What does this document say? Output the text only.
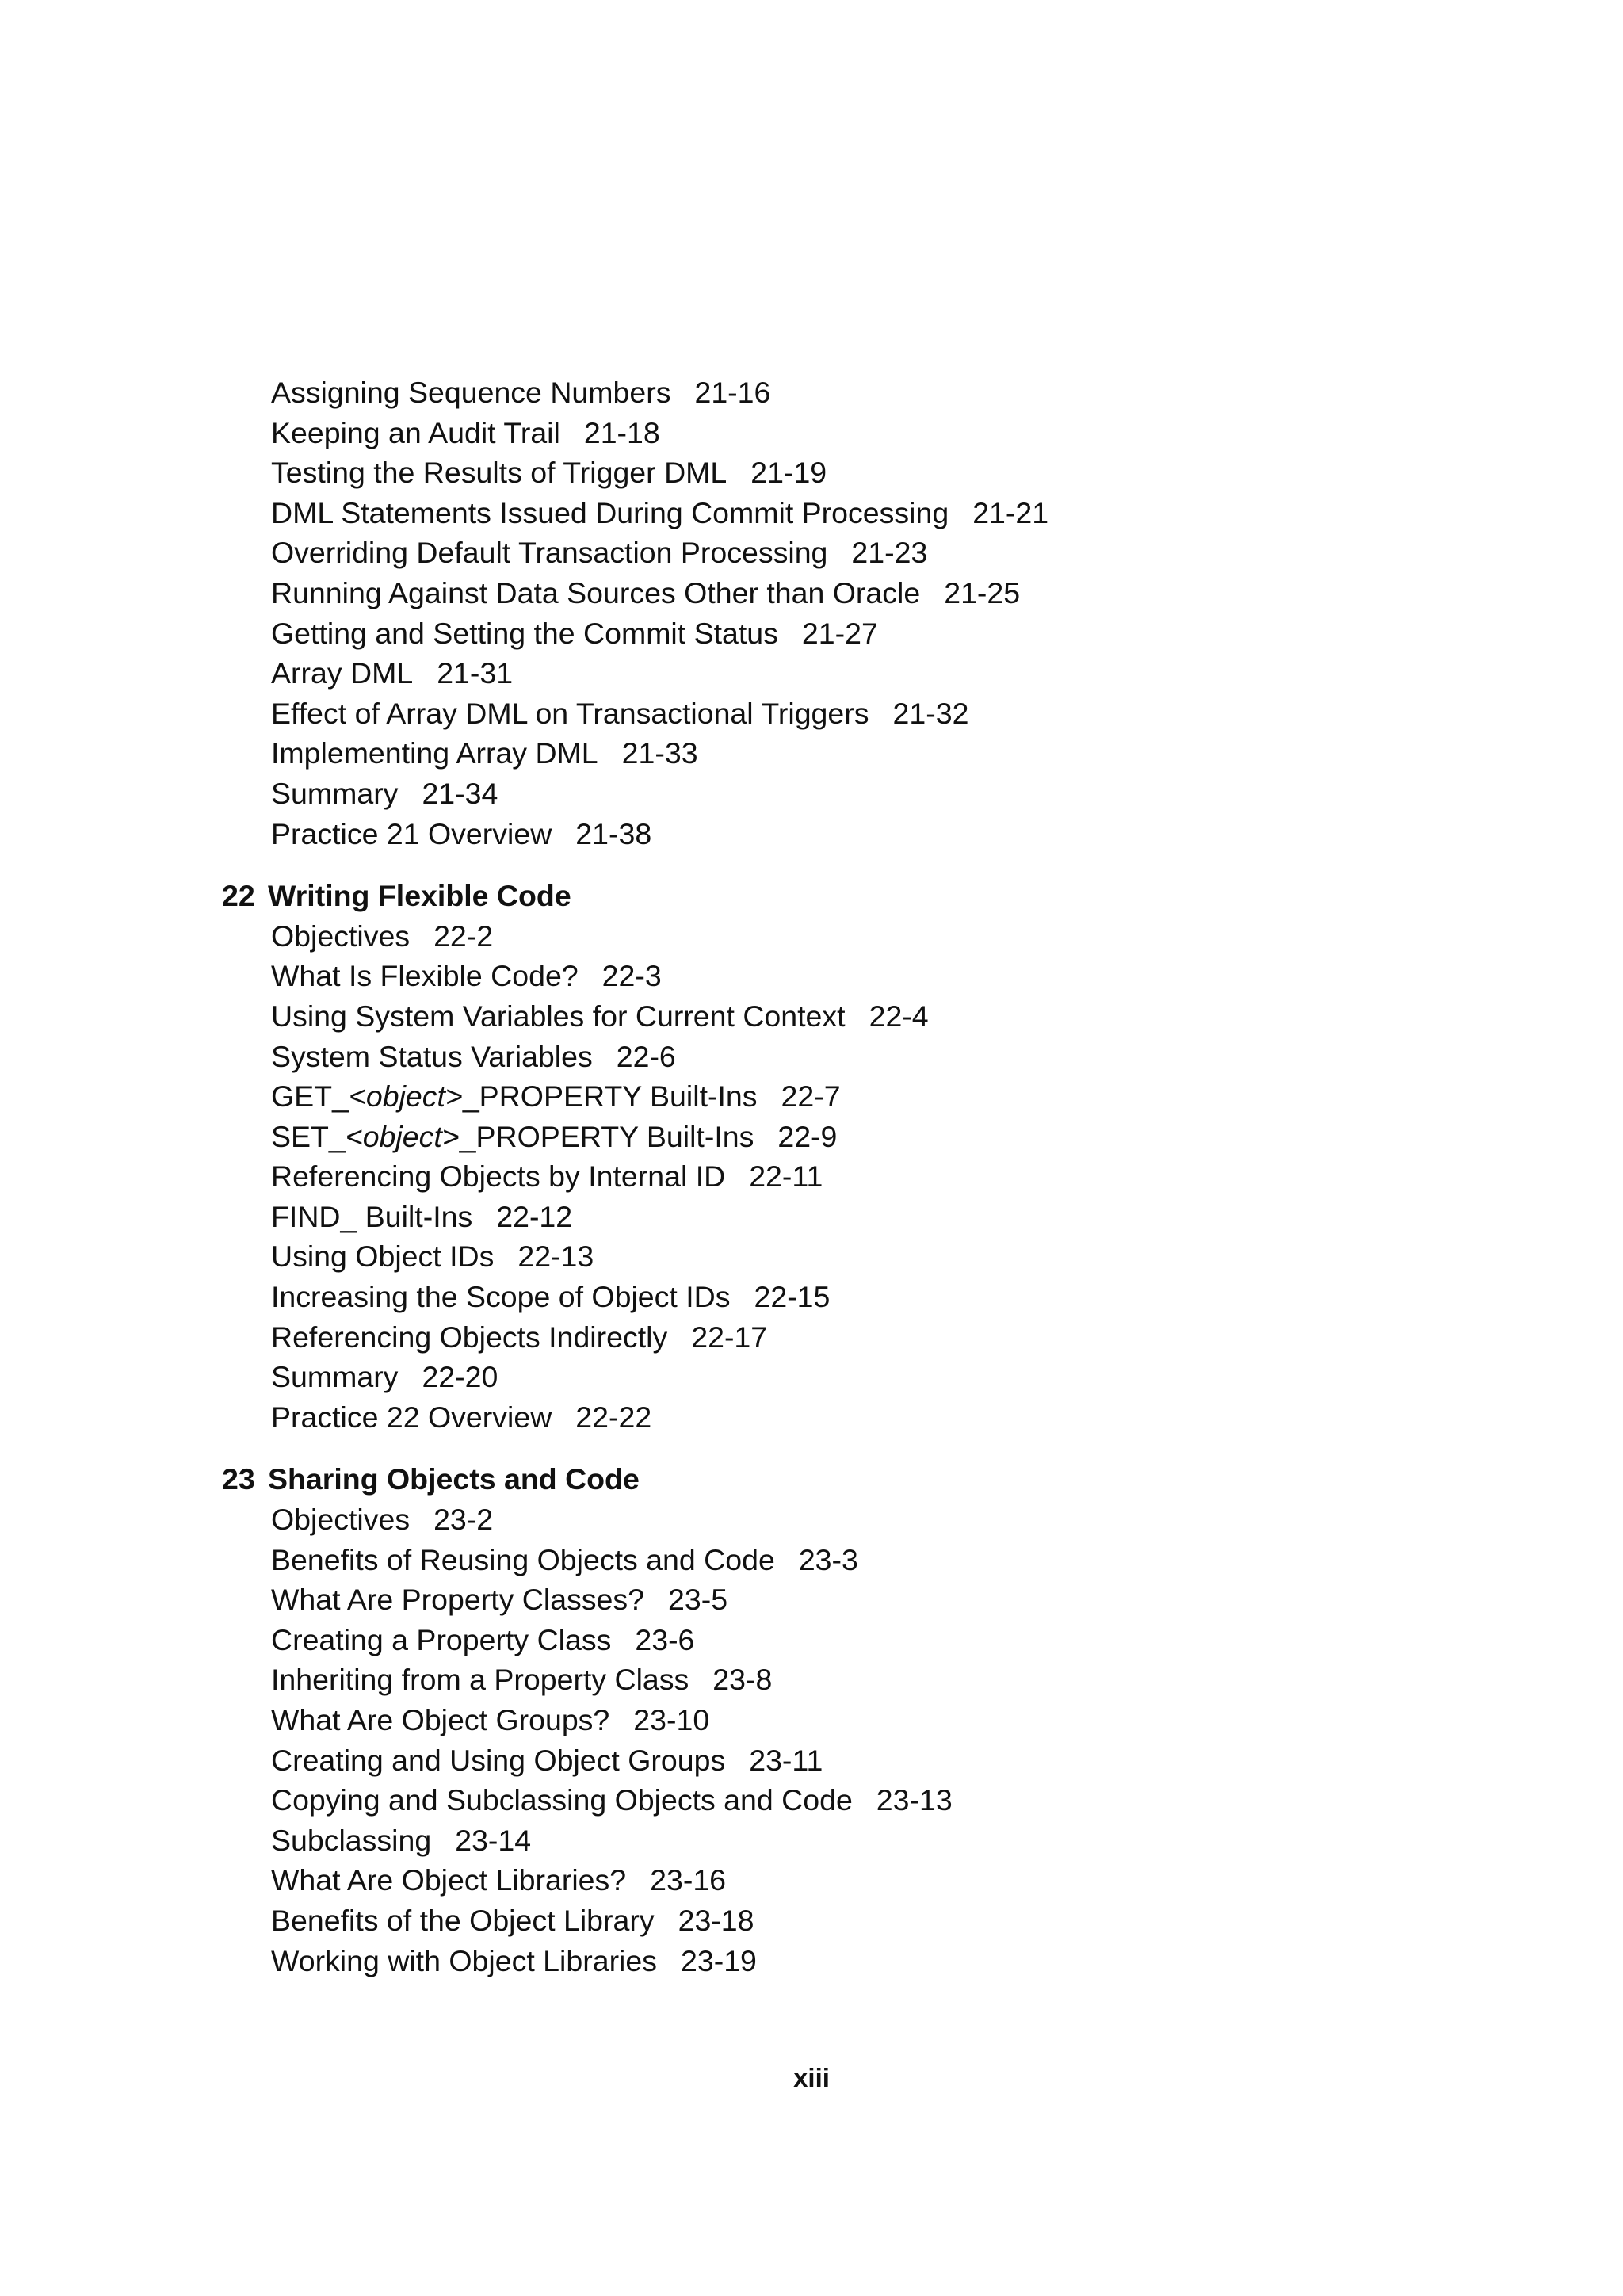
Assigning Sequence Numbers 21-16
Keeping an Audit Trail 21-18
Testing the Results of Trigger DML 21-19
DML Statements Issued During Commit Processing 21-21
Overriding Default Transaction Processing 21-23
Running Against Data Sources Other than Oracle 21-25
Getting and Setting the Commit Status 21-27
Array DML 21-31
Effect of Array DML on Transactional Triggers 21-32
Implementing Array DML 21-33
Summary 21-34
Practice 21 Overview 21-38
22 Writing Flexible Code
Objectives 22-2
What Is Flexible Code? 22-3
Using System Variables for Current Context 22-4
System Status Variables 22-6
GET_<object>_PROPERTY Built-Ins 22-7
SET_<object>_PROPERTY Built-Ins 22-9
Referencing Objects by Internal ID 22-11
FIND_ Built-Ins 22-12
Using Object IDs 22-13
Increasing the Scope of Object IDs 22-15
Referencing Objects Indirectly 22-17
Summary 22-20
Practice 22 Overview 22-22
23 Sharing Objects and Code
Objectives 23-2
Benefits of Reusing Objects and Code 23-3
What Are Property Classes? 23-5
Creating a Property Class 23-6
Inheriting from a Property Class 23-8
What Are Object Groups? 23-10
Creating and Using Object Groups 23-11
Copying and Subclassing Objects and Code 23-13
Subclassing 23-14
What Are Object Libraries? 23-16
Benefits of the Object Library 23-18
Working with Object Libraries 23-19
xiii
